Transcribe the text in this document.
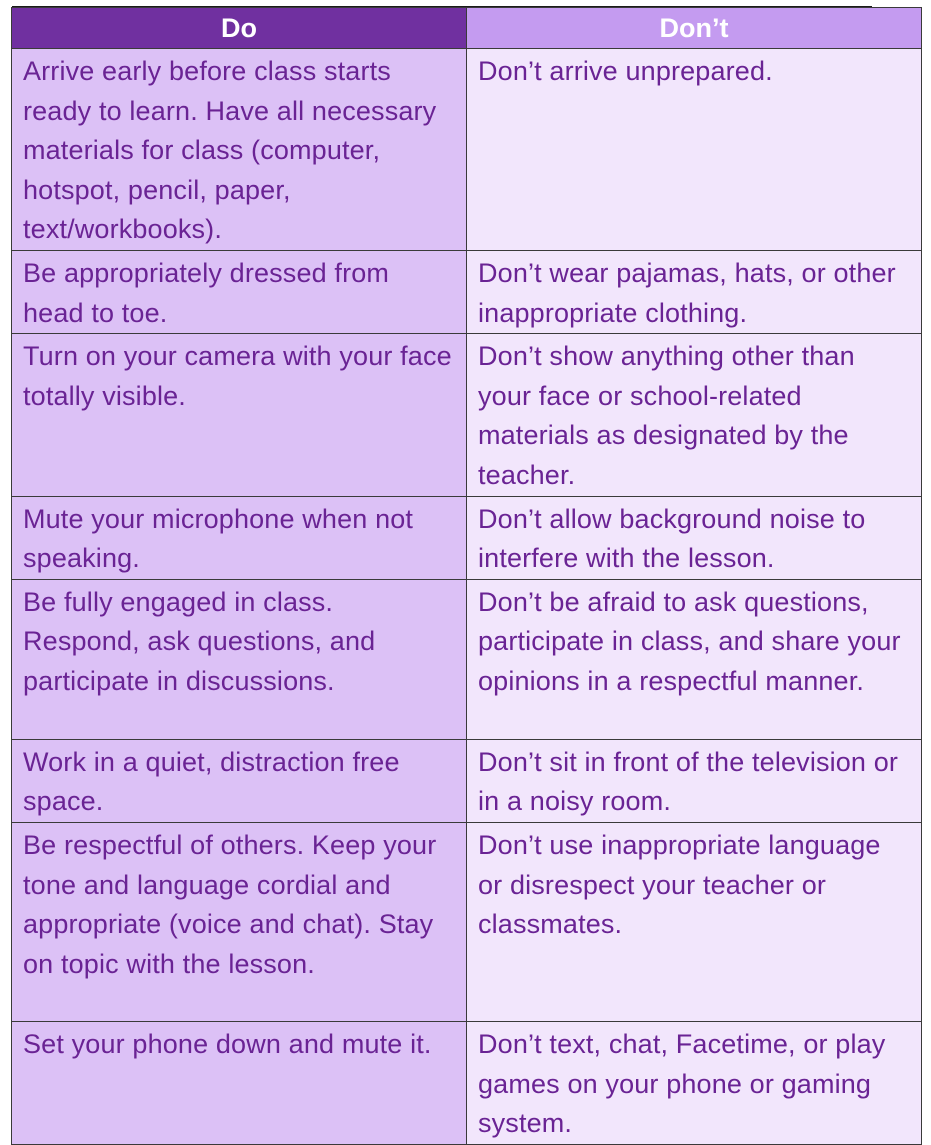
Do	Don’t
Arrive early before class starts ready to learn. Have all necessary materials for class (computer, hotspot, pencil, paper, text/workbooks).	Don’t arrive unprepared.
Be appropriately dressed from head to toe.	Don’t wear pajamas, hats, or other inappropriate clothing.
Turn on your camera with your face totally visible.	Don’t show anything other than your face or school-related materials as designated by the teacher.
Mute your microphone when not speaking.	Don’t allow background noise to interfere with the lesson.
Be fully engaged in class. Respond, ask questions, and participate in discussions.	Don’t be afraid to ask questions, participate in class, and share your opinions in a respectful manner.
Work in a quiet, distraction free space.	Don’t sit in front of the television or in a noisy room.
Be respectful of others. Keep your tone and language cordial and appropriate (voice and chat). Stay on topic with the lesson.	Don’t use inappropriate language or disrespect your teacher or classmates.
Set your phone down and mute it.	Don’t text, chat, Facetime, or play games on your phone or gaming system.
